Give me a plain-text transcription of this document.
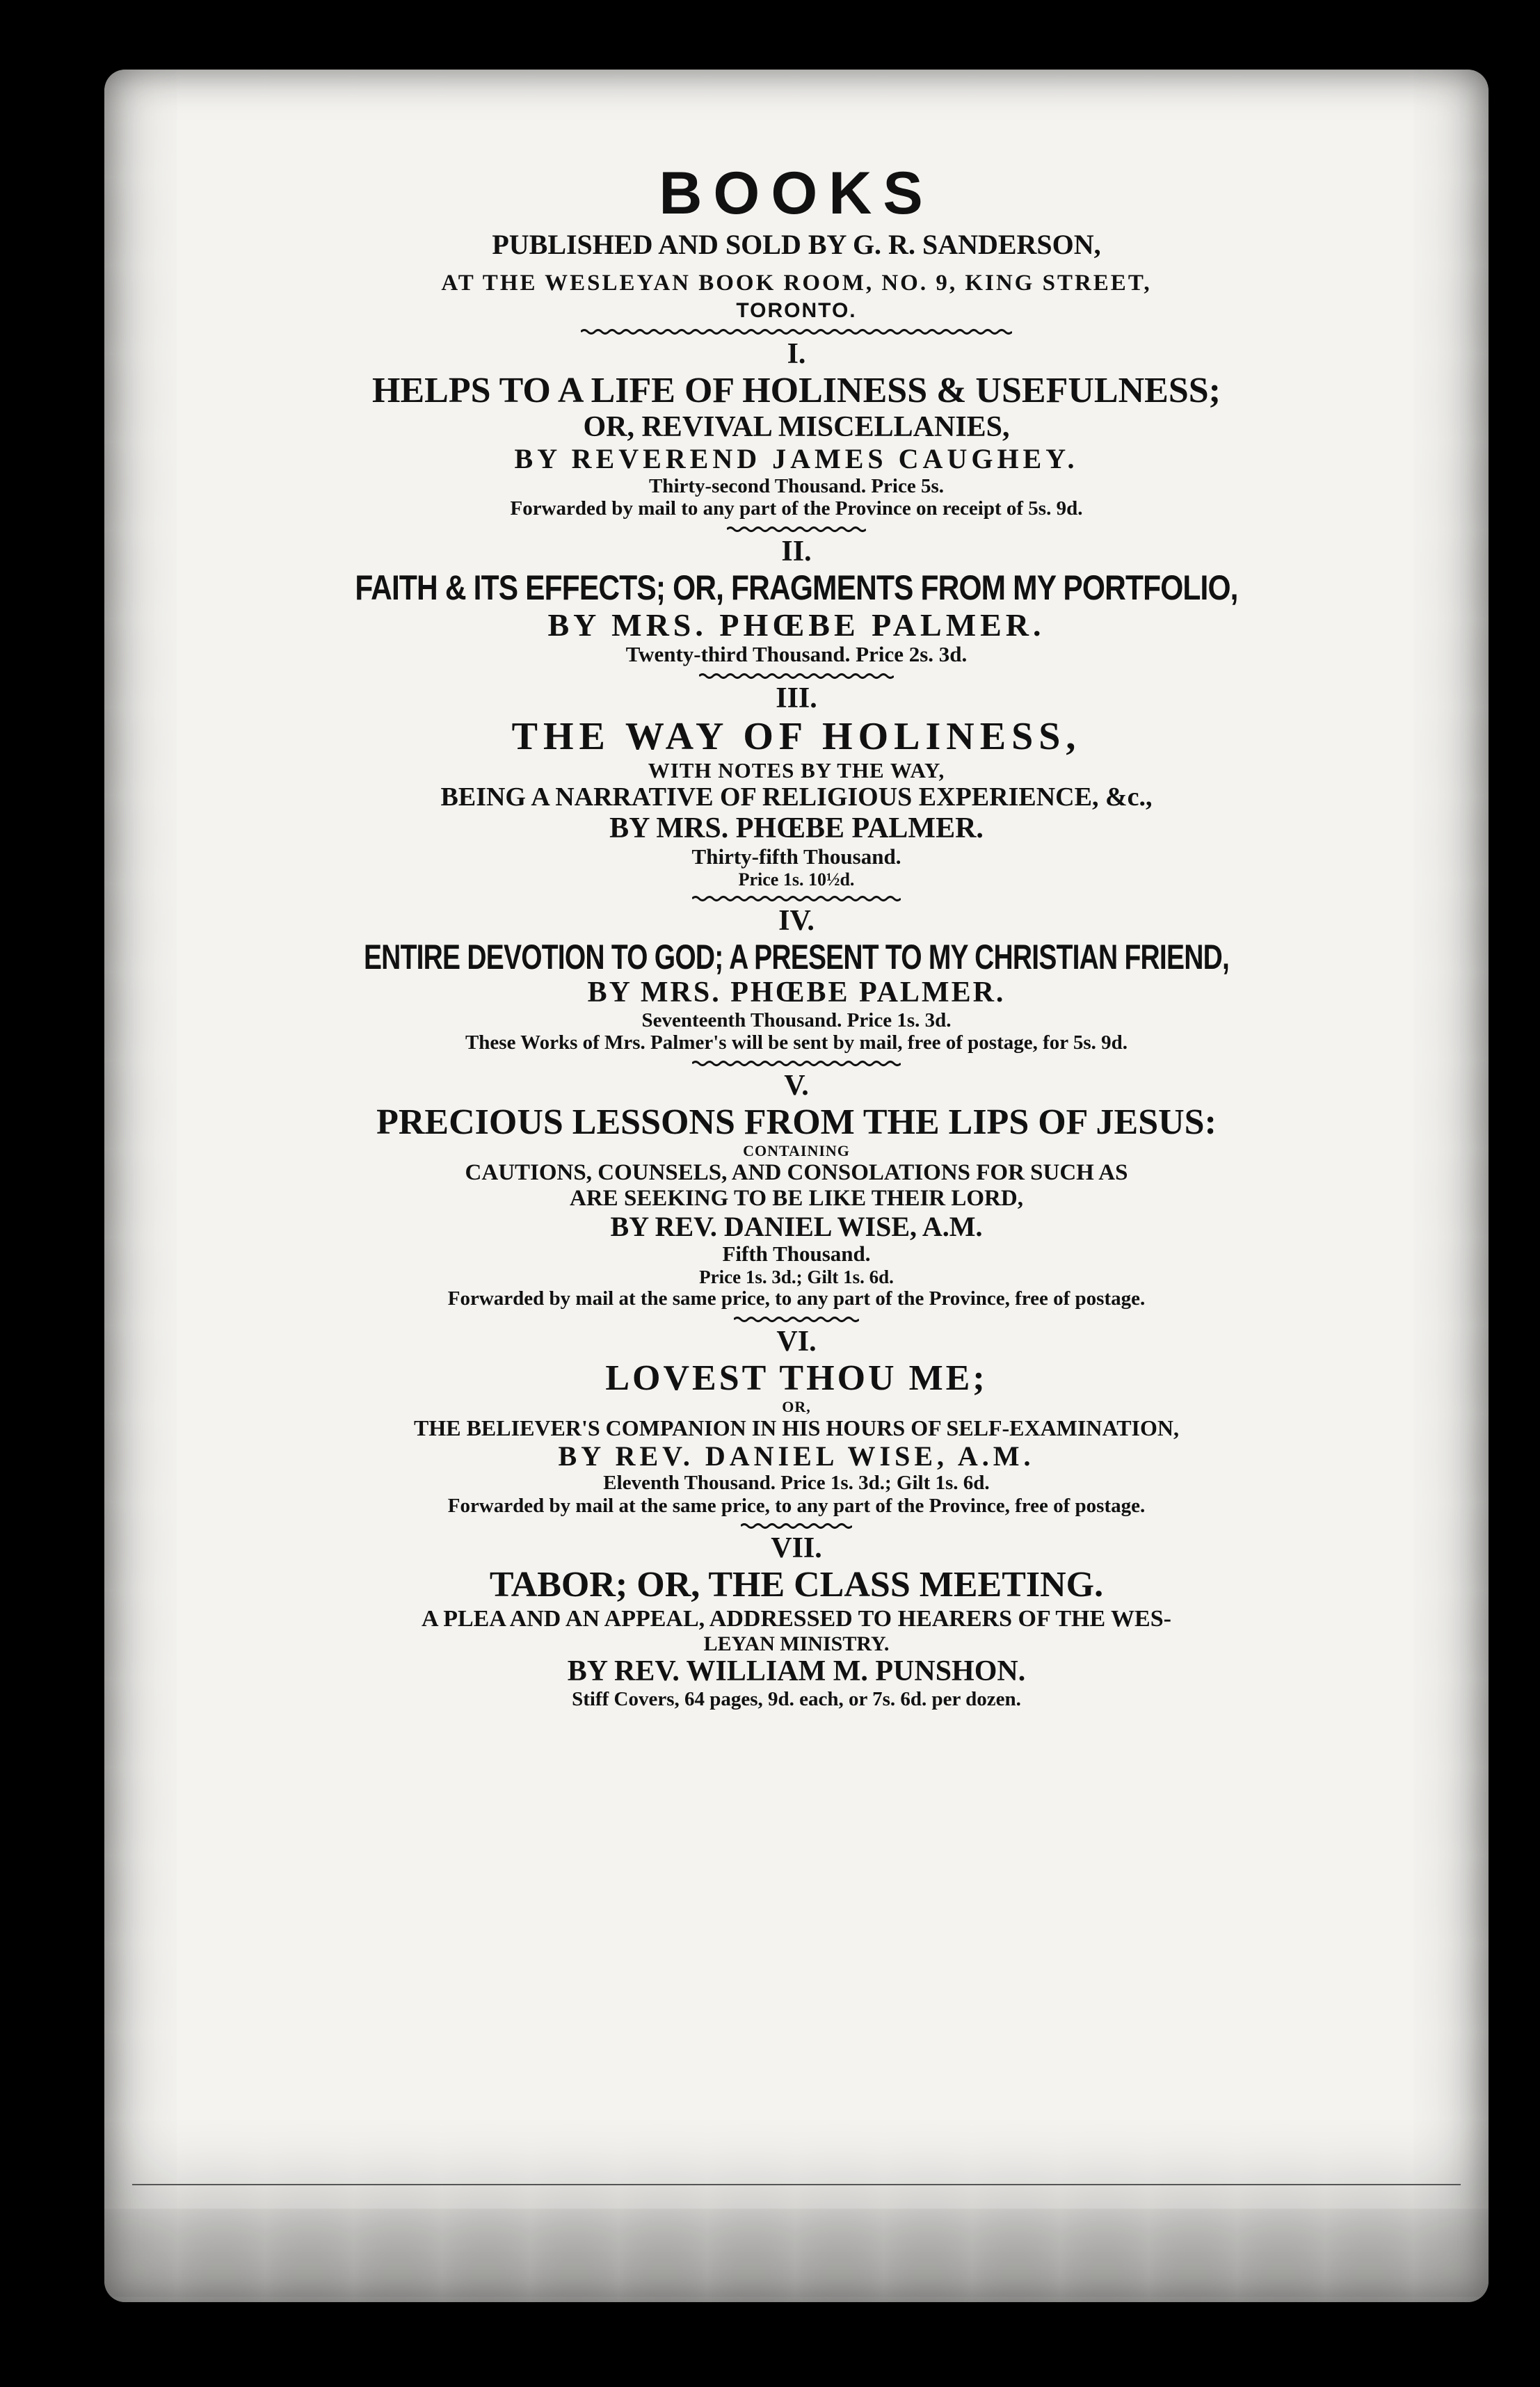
BOOKS
PUBLISHED AND SOLD BY G. R. SANDERSON,
AT THE WESLEYAN BOOK ROOM, NO. 9, KING STREET,
TORONTO.
I.
HELPS TO A LIFE OF HOLINESS & USEFULNESS;
OR, REVIVAL MISCELLANIES,
BY REVEREND JAMES CAUGHEY.
Thirty-second Thousand. Price 5s.
Forwarded by mail to any part of the Province on receipt of 5s. 9d.
II.
FAITH & ITS EFFECTS; OR, FRAGMENTS FROM MY PORTFOLIO,
BY MRS. PHŒBE PALMER.
Twenty-third Thousand. Price 2s. 3d.
III.
THE WAY OF HOLINESS,
WITH NOTES BY THE WAY,
BEING A NARRATIVE OF RELIGIOUS EXPERIENCE, &c.,
BY MRS. PHŒBE PALMER.
Thirty-fifth Thousand.
Price 1s. 10½d.
IV.
ENTIRE DEVOTION TO GOD; A PRESENT TO MY CHRISTIAN FRIEND,
BY MRS. PHŒBE PALMER.
Seventeenth Thousand. Price 1s. 3d.
These Works of Mrs. Palmer's will be sent by mail, free of postage, for 5s. 9d.
V.
PRECIOUS LESSONS FROM THE LIPS OF JESUS:
CONTAINING
CAUTIONS, COUNSELS, AND CONSOLATIONS FOR SUCH AS
ARE SEEKING TO BE LIKE THEIR LORD,
BY REV. DANIEL WISE, A.M.
Fifth Thousand.
Price 1s. 3d.; Gilt 1s. 6d.
Forwarded by mail at the same price, to any part of the Province, free of postage.
VI.
LOVEST THOU ME;
OR,
THE BELIEVER'S COMPANION IN HIS HOURS OF SELF-EXAMINATION,
BY REV. DANIEL WISE, A.M.
Eleventh Thousand. Price 1s. 3d.; Gilt 1s. 6d.
Forwarded by mail at the same price, to any part of the Province, free of postage.
VII.
TABOR; OR, THE CLASS MEETING.
A PLEA AND AN APPEAL, ADDRESSED TO HEARERS OF THE WES-
LEYAN MINISTRY.
BY REV. WILLIAM M. PUNSHON.
Stiff Covers, 64 pages, 9d. each, or 7s. 6d. per dozen.
